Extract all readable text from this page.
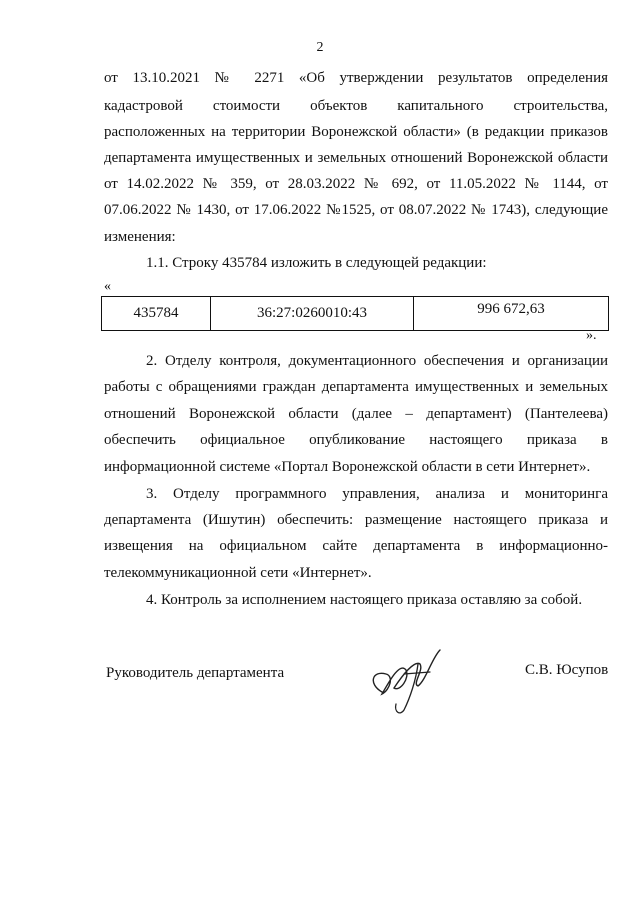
2
от 13.10.2021 № 2271 «Об утверждении результатов определения
кадастровой стоимости объектов капитального строительства,
расположенных на территории Воронежской области» (в редакции приказов
департамента имущественных и земельных отношений Воронежской области
от 14.02.2022 № 359, от 28.03.2022 № 692, от 11.05.2022 № 1144, от
07.06.2022 № 1430, от 17.06.2022 №1525, от 08.07.2022 № 1743), следующие
изменения:
1.1. Строку 435784 изложить в следующей редакции:
«
435784	36:27:0260010:43	996 672,63
».
2. Отделу контроля, документационного обеспечения и организации
работы с обращениями граждан департамента имущественных и земельных
отношений Воронежской области (далее – департамент) (Пантелеева)
обеспечить официальное опубликование настоящего приказа в
информационной системе «Портал Воронежской области в сети Интернет».
3. Отделу программного управления, анализа и мониторинга
департамента (Ишутин) обеспечить: размещение настоящего приказа и
извещения на официальном сайте департамента в информационно-
телекоммуникационной сети «Интернет».
4. Контроль за исполнением настоящего приказа оставляю за собой.
Руководитель департамента	С.В. Юсупов
